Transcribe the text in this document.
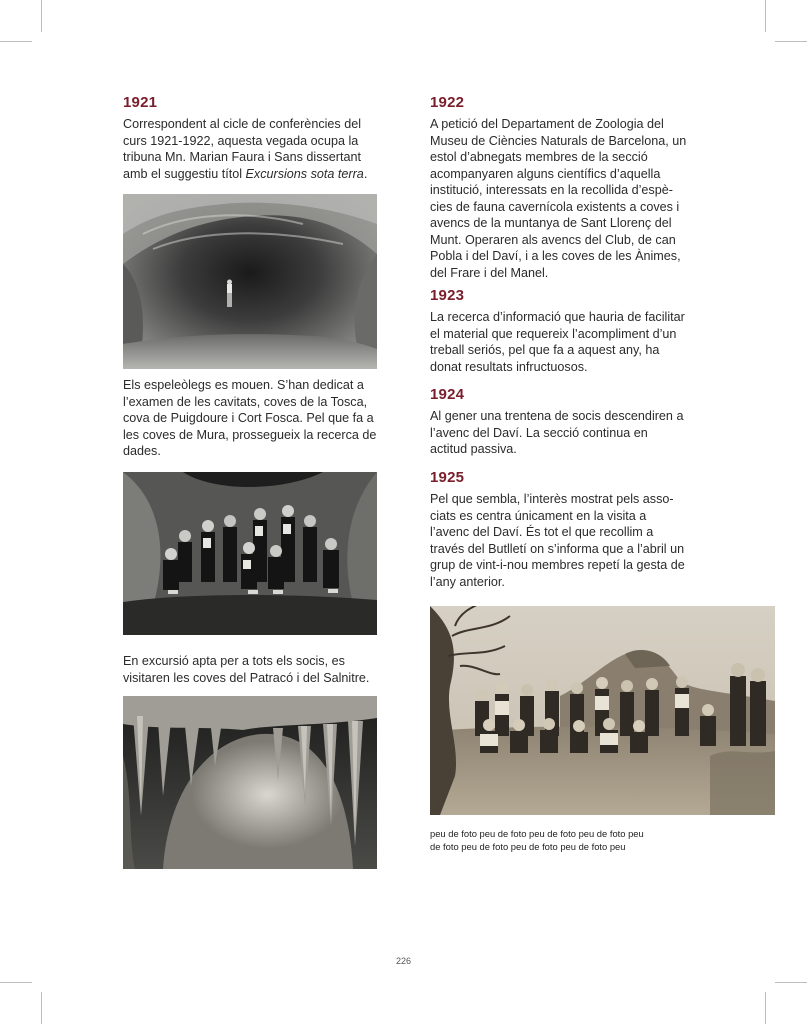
1921

Correspondent al cicle de conferències del
curs 1921-1922, aquesta vegada ocupa la
tribuna Mn. Marian Faura i Sans dissertant
amb el suggestiu títol Excursions sota terra.

Els espeleòlegs es mouen. S’han dedicat a
l’examen de les cavitats, coves de la Tosca,
cova de Puigdoure i Cort Fosca. Pel que fa a
les coves de Mura, prossegueix la recerca de
dades.

En excursió apta per a tots els socis, es
visitaren les coves del Patracó i del Salnitre.

1922

A petició del Departament de Zoologia del
Museu de Ciències Naturals de Barcelona, un
estol d’abnegats membres de la secció
acompanyaren alguns científics d’aquella
institució, interessats en la recollida d’espè-
cies de fauna cavernícola existents a coves i
avencs de la muntanya de Sant Llorenç del
Munt. Operaren als avencs del Club, de can
Pobla i del Daví, i a les coves de les Ànimes,
del Frare i del Manel.

1923

La recerca d’informació que hauria de facilitar
el material que requereix l’acompliment d’un
treball seriós, pel que fa a aquest any, ha
donat resultats infructuosos.

1924

Al gener una trentena de socis descendiren a
l’avenc del Daví. La secció continua en
actitud passiva.

1925

Pel que sembla, l’interès mostrat pels asso-
ciats es centra únicament en la visita a
l’avenc del Daví. És tot el que recollim a
través del Butlletí on s’informa que a l’abril un
grup de vint-i-nou membres repetí la gesta de
l’any anterior.

peu de foto peu de foto peu de foto peu de foto peu
de foto peu de foto peu de foto peu de foto peu

226
